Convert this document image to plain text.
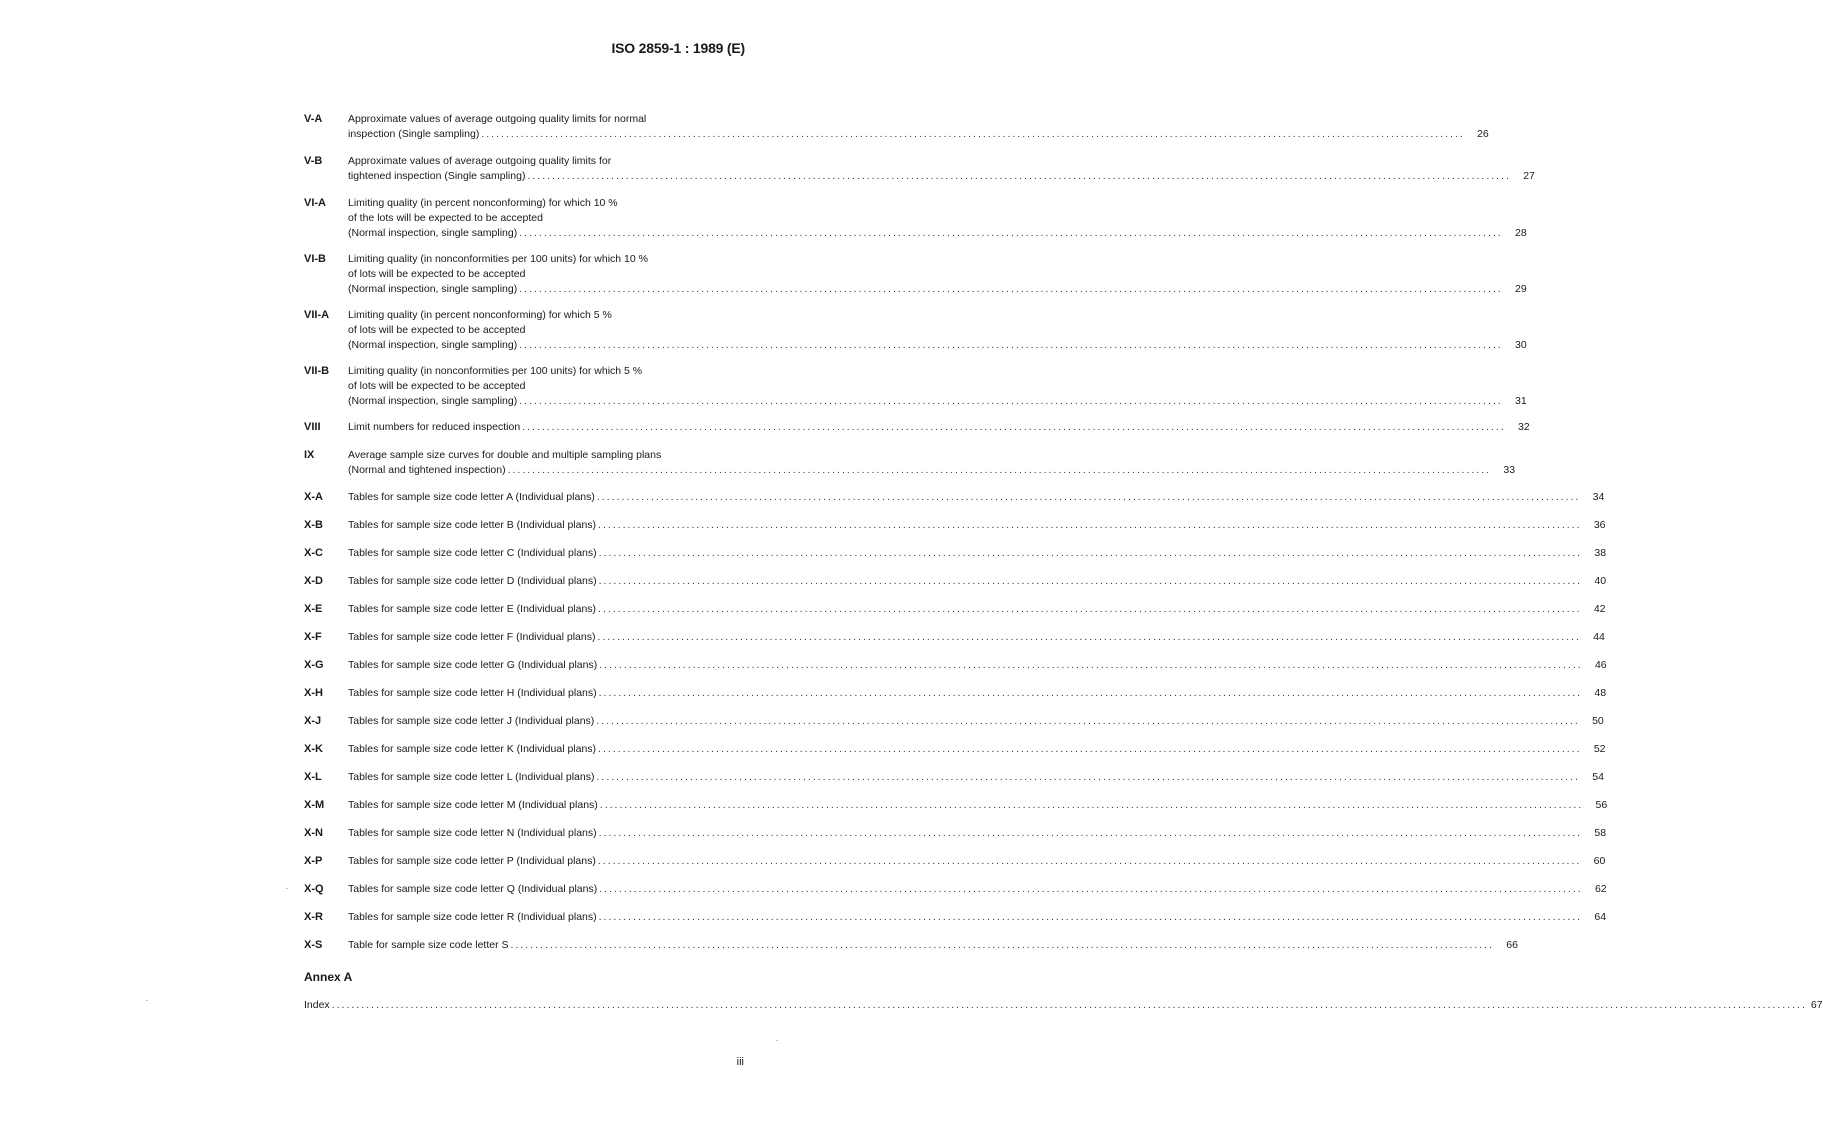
ISO 2859-1 : 1989 (E)
V-A Approximate values of average outgoing quality limits for normal
inspection (Single sampling) ........................................................................................................................................................................................................	26
V-B Approximate values of average outgoing quality limits for
tightened inspection (Single sampling) ........................................................................................................................................................................................................	27
VI-A Limiting quality (in percent nonconforming) for which 10 %
of the lots will be expected to be accepted
(Normal inspection, single sampling) ........................................................................................................................................................................................................	28
VI-B Limiting quality (in nonconformities per 100 units) for which 10 %
of lots will be expected to be accepted
(Normal inspection, single sampling) ........................................................................................................................................................................................................	29
VII-A Limiting quality (in percent nonconforming) for which 5 %
of lots will be expected to be accepted
(Normal inspection, single sampling) ........................................................................................................................................................................................................	30
VII-B Limiting quality (in nonconformities per 100 units) for which 5 %
of lots will be expected to be accepted
(Normal inspection, single sampling) ........................................................................................................................................................................................................	31
VIII	Limit numbers for reduced inspection ........................................................................................................................................................................................................	32
IX	Average sample size curves for double and multiple sampling plans
(Normal and tightened inspection) ........................................................................................................................................................................................................	33
X-A Tables for sample size code letter A (Individual plans) ........................................................................................................................................................................................................	34
X-B Tables for sample size code letter B (Individual plans) ........................................................................................................................................................................................................	36
X-C Tables for sample size code letter C (Individual plans) ........................................................................................................................................................................................................	38
X-D Tables for sample size code letter D (Individual plans) ........................................................................................................................................................................................................	40
X-E Tables for sample size code letter E (Individual plans) ........................................................................................................................................................................................................	42
X-F	Tables for sample size code letter F (Individual plans) ........................................................................................................................................................................................................	44
X-G Tables for sample size code letter G (Individual plans) ........................................................................................................................................................................................................	46
X-H Tables for sample size code letter H (Individual plans) ........................................................................................................................................................................................................	48
X-J	Tables for sample size code letter J (Individual plans) ........................................................................................................................................................................................................	50
X-K Tables for sample size code letter K (Individual plans) ........................................................................................................................................................................................................	52
X-L	Tables for sample size code letter L (Individual plans) ........................................................................................................................................................................................................	54
X-M Tables for sample size code letter M (Individual plans) ........................................................................................................................................................................................................	56
X-N Tables for sample size code letter N (Individual plans) ........................................................................................................................................................................................................	58
X-P Tables for sample size code letter P (Individual plans) ........................................................................................................................................................................................................	60
X-Q Tables for sample size code letter Q (Individual plans) ........................................................................................................................................................................................................	62
X-R Tables for sample size code letter R (Individual plans) ........................................................................................................................................................................................................	64
X-S Table for sample size code letter S ........................................................................................................................................................................................................	66
Annex A
Index ............................................................................................................................................................................................................................................................................................................ 67
iii
